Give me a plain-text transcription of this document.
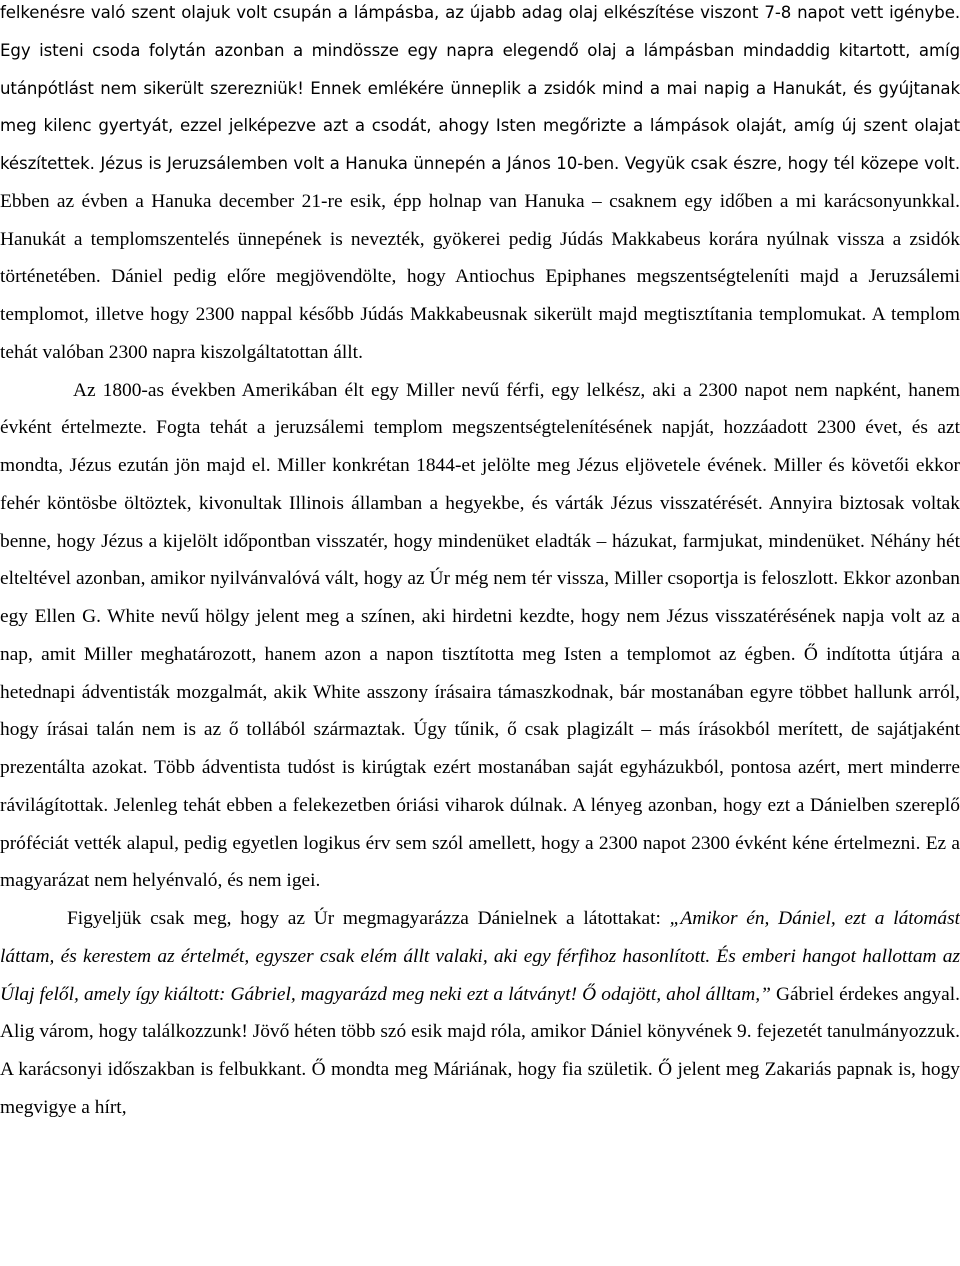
felkenésre való szent olajuk volt csupán a lámpásba, az újabb adag olaj elkészítése viszont 7-8 napot vett igénybe. Egy isteni csoda folytán azonban a mindössze egy napra elegendő olaj a lámpásban mindaddig kitartott, amíg utánpótlást nem sikerült szerezniük! Ennek emlékére ünneplik a zsidók mind a mai napig a Hanukát, és gyújtanak meg kilenc gyertyát, ezzel jelképezve azt a csodát, ahogy Isten megőrizte a lámpások olaját, amíg új szent olajat készítettek. Jézus is Jeruzsálemben volt a Hanuka ünnepén a János 10-ben. Vegyük csak észre, hogy tél közepe volt. Ebben az évben a Hanuka december 21-re esik, épp holnap van Hanuka – csaknem egy időben a mi karácsonyunkkal. Hanukát a templomszentelés ünnepének is nevezték, gyökerei pedig Júdás Makkabeus korára nyúlnak vissza a zsidók történetében. Dániel pedig előre megjövendölte, hogy Antiochus Epiphanes megszentségteleníti majd a Jeruzsálemi templomot, illetve hogy 2300 nappal később Júdás Makkabeusnak sikerült majd megtisztítania templomukat. A templom tehát valóban 2300 napra kiszolgáltatottan állt.

Az 1800-as években Amerikában élt egy Miller nevű férfi, egy lelkész, aki a 2300 napot nem napként, hanem évként értelmezte. Fogta tehát a jeruzsálemi templom megszentségtelenítésének napját, hozzáadott 2300 évet, és azt mondta, Jézus ezután jön majd el. Miller konkrétan 1844-et jelölte meg Jézus eljövetele évének. Miller és követői ekkor fehér köntösbe öltöztek, kivonultak Illinois államban a hegyekbe, és várták Jézus visszatérését. Annyira biztosak voltak benne, hogy Jézus a kijelölt időpontban visszatér, hogy mindenüket eladták – házukat, farmjukat, mindenüket. Néhány hét elteltével azonban, amikor nyilvánvalóvá vált, hogy az Úr még nem tér vissza, Miller csoportja is feloszlott. Ekkor azonban egy Ellen G. White nevű hölgy jelent meg a színen, aki hirdetni kezdte, hogy nem Jézus visszatérésének napja volt az a nap, amit Miller meghatározott, hanem azon a napon tisztította meg Isten a templomot az égben. Ő indította útjára a hetednapi ádventisták mozgalmát, akik White asszony írásaira támaszkodnak, bár mostanában egyre többet hallunk arról, hogy írásai talán nem is az ő tollából származtak. Úgy tűnik, ő csak plagizált – más írásokból merített, de sajátjaként prezentálta azokat. Több ádventista tudóst is kirúgtak ezért mostanában saját egyházukból, pontosa azért, mert minderre rávilágítottak. Jelenleg tehát ebben a felekezetben óriási viharok dúlnak. A lényeg azonban, hogy ezt a Dánielben szereplő próféciát vették alapul, pedig egyetlen logikus érv sem szól amellett, hogy a 2300 napot 2300 évként kéne értelmezni. Ez a magyarázat nem helyénvaló, és nem igei.

Figyeljük csak meg, hogy az Úr megmagyarázza Dánielnek a látottakat: „Amikor én, Dániel, ezt a látomást láttam, és kerestem az értelmét, egyszer csak elém állt valaki, aki egy férfihoz hasonlított. És emberi hangot hallottam az Úlaj felől, amely így kiáltott: Gábriel, magyarázd meg neki ezt a látványt! Ő odajött, ahol álltam,” Gábriel érdekes angyal. Alig várom, hogy találkozzunk! Jövő héten több szó esik majd róla, amikor Dániel könyvének 9. fejezetét tanulmányozzuk. A karácsonyi időszakban is felbukkant. Ő mondta meg Máriának, hogy fia születik. Ő jelent meg Zakariás papnak is, hogy megvigye a hírt,
